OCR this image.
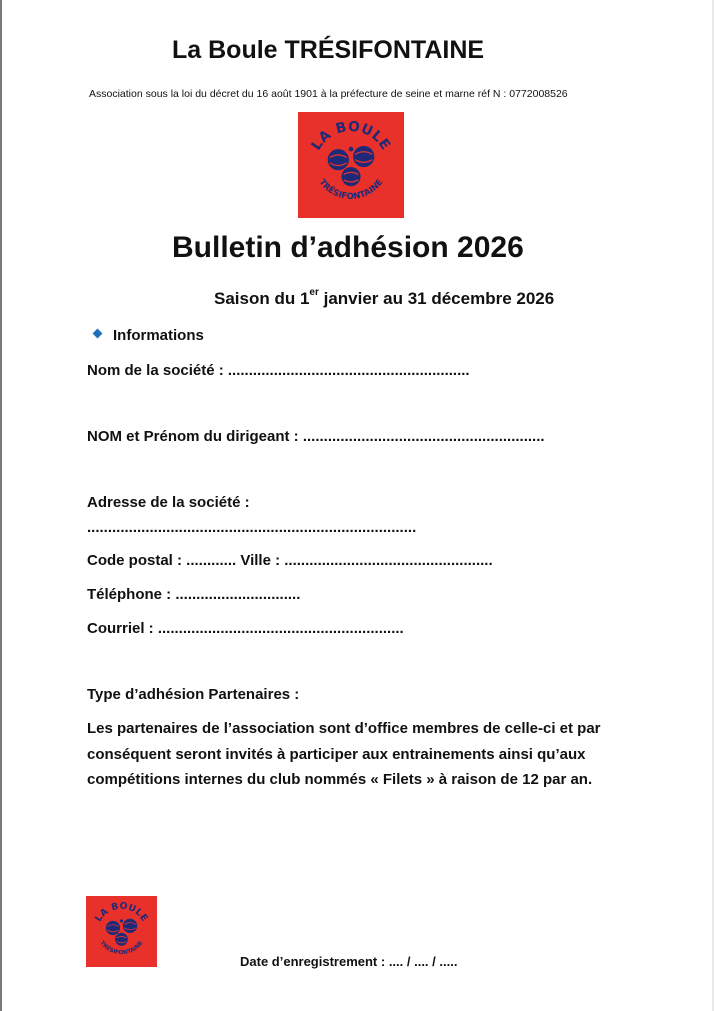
La Boule TRÉSIFONTAINE
Association sous la loi du décret du 16 août 1901 à la préfecture de seine et marne réf N : 0772008526
LA BOULE
TRÉSIFONTAINE
Bulletin d’adhésion 2026
Saison du 1er janvier au 31 décembre 2026
Informations
Nom de la société : ..........................................................
NOM et Prénom du dirigeant : ..........................................................
Adresse de la société :
...............................................................................
Code postal : ............ Ville : ..................................................
Téléphone : ..............................
Courriel : ...........................................................
Type d’adhésion Partenaires :
Les partenaires de l’association sont d’office membres de celle-ci et par conséquent seront invités à participer aux entrainements ainsi qu’aux compétitions internes du club nommés « Filets » à raison de 12 par an.
LA BOULE
TRÉSIFONTAINE
Date d’enregistrement : .... / .... / .....
